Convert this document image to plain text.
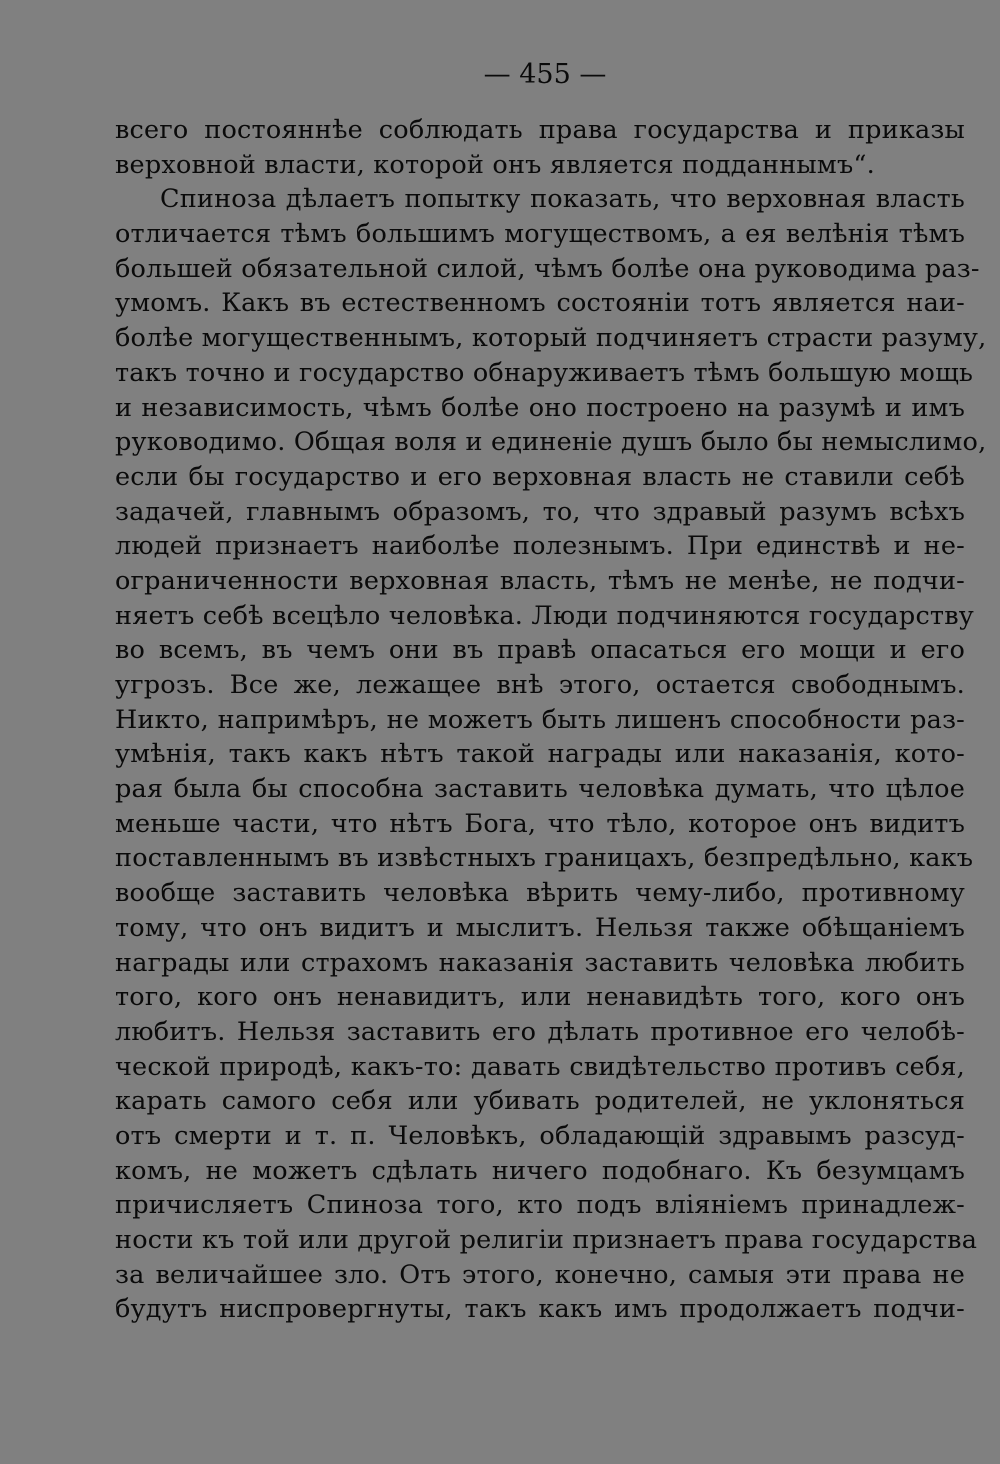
— 455 —
всего постояннѣе соблюдать права государства и приказы
верховной власти, которой онъ является подданнымъ“.
Спиноза дѣлаетъ попытку показать, что верховная власть
отличается тѣмъ большимъ могуществомъ, а ея велѣнія тѣмъ
большей обязательной силой, чѣмъ болѣе она руководима раз-
умомъ. Какъ въ естественномъ состояніи тотъ является наи-
болѣе могущественнымъ, который подчиняетъ страсти разуму,
такъ точно и государство обнаруживаетъ тѣмъ большую мощь
и независимость, чѣмъ болѣе оно построено на разумѣ и имъ
руководимо. Общая воля и единеніе душъ было бы немыслимо,
если бы государство и его верховная власть не ставили себѣ
задачей, главнымъ образомъ, то, что здравый разумъ всѣхъ
людей признаетъ наиболѣе полезнымъ. При единствѣ и не-
ограниченности верховная власть, тѣмъ не менѣе, не подчи-
няетъ себѣ всецѣло человѣка. Люди подчиняются государству
во всемъ, въ чемъ они въ правѣ опасаться его мощи и его
угрозъ. Все же, лежащее внѣ этого, остается свободнымъ.
Никто, напримѣръ, не можетъ быть лишенъ способности раз-
умѣнія, такъ какъ нѣтъ такой награды или наказанія, кото-
рая была бы способна заставить человѣка думать, что цѣлое
меньше части, что нѣтъ Бога, что тѣло, которое онъ видитъ
поставленнымъ въ извѣстныхъ границахъ, безпредѣльно, какъ
вообще заставить человѣка вѣрить чему-либо, противному
тому, что онъ видитъ и мыслитъ. Нельзя также обѣщаніемъ
награды или страхомъ наказанія заставить человѣка любить
того, кого онъ ненавидитъ, или ненавидѣть того, кого онъ
любитъ. Нельзя заставить его дѣлать противное его челобѣ-
ческой природѣ, какъ-то: давать свидѣтельство противъ себя,
карать самого себя или убивать родителей, не уклоняться
отъ смерти и т. п. Человѣкъ, обладающій здравымъ разсуд-
комъ, не можетъ сдѣлать ничего подобнаго. Къ безумцамъ
причисляетъ Спиноза того, кто подъ вліяніемъ принадлеж-
ности къ той или другой религіи признаетъ права государства
за величайшее зло. Отъ этого, конечно, самыя эти права не
будутъ ниспровергнуты, такъ какъ имъ продолжаетъ подчи-
